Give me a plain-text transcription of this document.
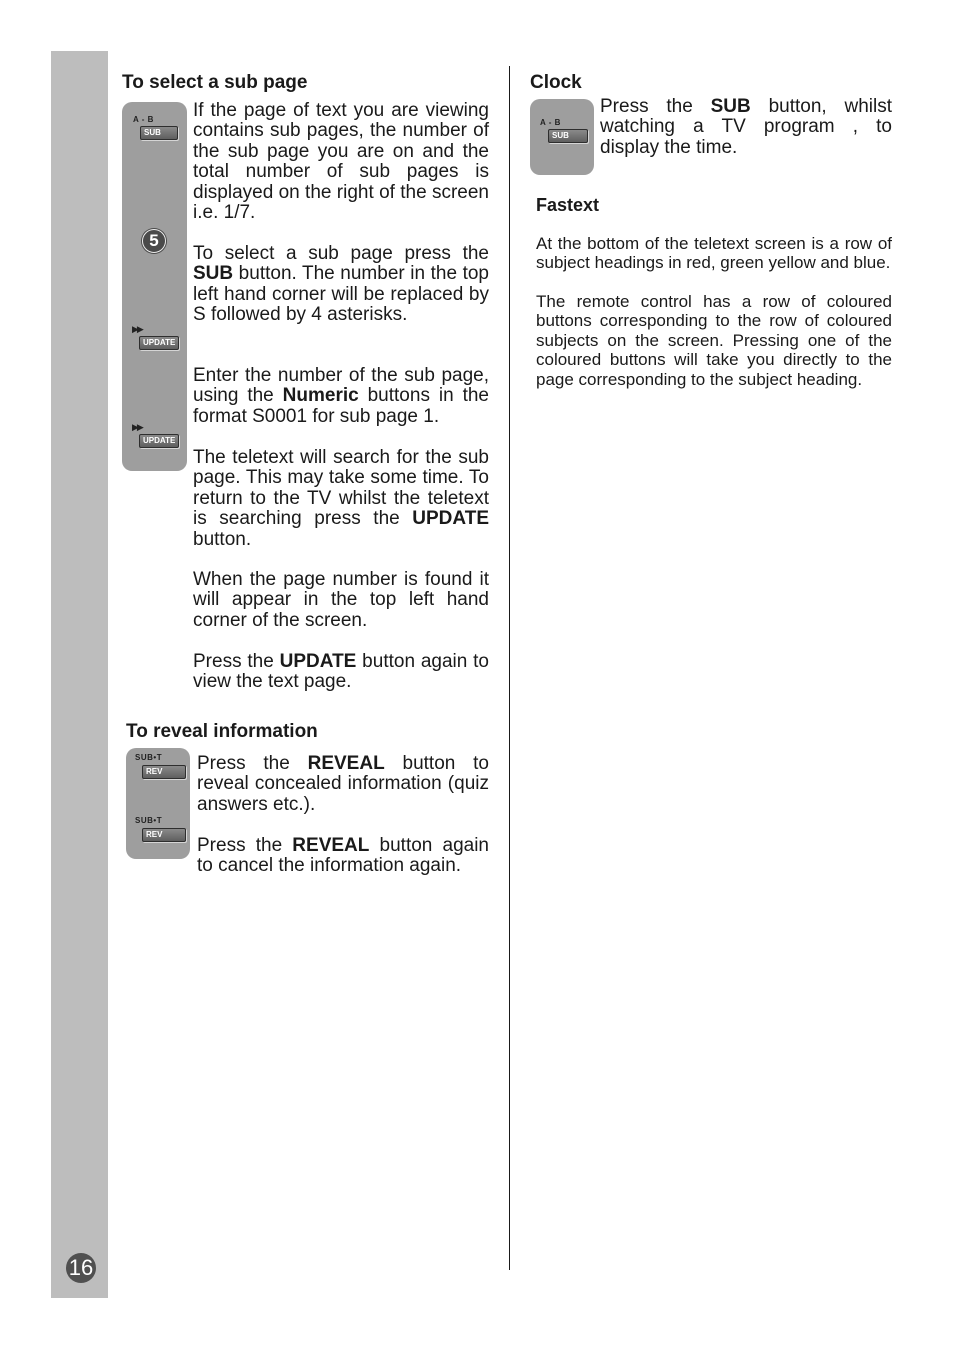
16
To select a sub page
A - B
SUB
5
▶▶
UPDATE
▶▶
UPDATE

If the page of text you are viewing contains sub pages, the number of the sub page you are on and the total number of sub pages is displayed on the right of the screen i.e. 1/7.

To select a sub page press the SUB button. The number in the top left hand corner will be replaced by S followed by 4 asterisks.

Enter the number of the sub page, using the Numeric buttons in the format S0001 for sub page 1.

The teletext will search for the sub page. This may take some time. To return to the TV whilst the teletext is searching press the UPDATE button.

When the page number is found it will appear in the top left hand corner of the screen.

Press the UPDATE button again to view the text page.

To reveal information
SUB•T
REV
SUB•T
REV

Press the REVEAL button to reveal concealed information (quiz answers etc.).

Press the REVEAL button again to cancel the information again.

Clock
A - B
SUB

Press the SUB button, whilst watching a TV program , to display the time.

Fastext

At the bottom of the teletext screen is a row of subject headings in red, green yellow and blue.

The remote control has a row of coloured buttons corresponding to the row of coloured subjects on the screen. Pressing one of the coloured buttons will take you directly to the page corresponding to the subject heading.
